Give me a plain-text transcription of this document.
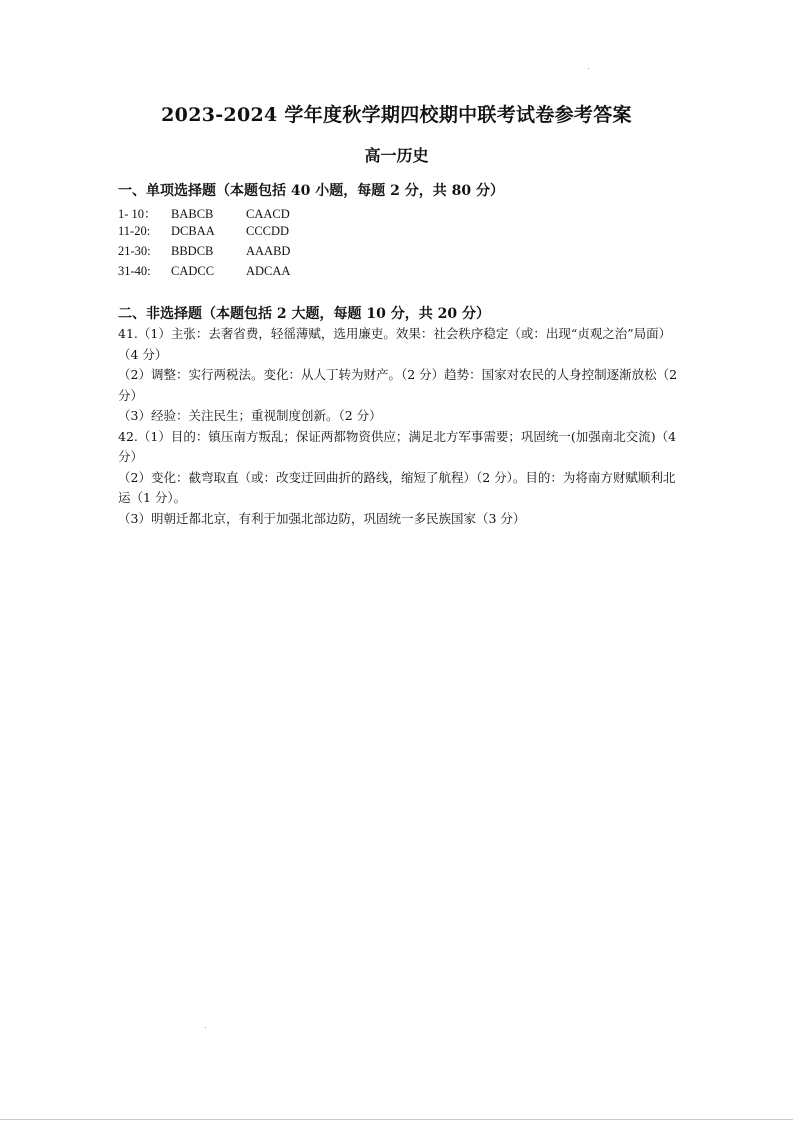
2023-2024 学年度秋学期四校期中联考试卷参考答案
高一历史
一、单项选择题（本题包括 40 小题，每题 2 分，共 80 分）
1- 10： BABCB	CAACD
11-20: DCBAA CCCDD
21-30: BBDCB	AAABD
31-40: CADCC	ADCAA
二、非选择题（本题包括 2 大题，每题 10 分，共 20 分）

41.（1）主张：去奢省费，轻徭薄赋，选用廉吏。效果：社会秩序稳定（或：出现“贞观之治”局面）（4 分）

（2）调整：实行两税法。变化：从人丁转为财产。（2 分）趋势：国家对农民的人身控制逐渐放松（2 分）

（3）经验：关注民生；重视制度创新。（2 分）

42.（1）目的：镇压南方叛乱；保证两都物资供应；满足北方军事需要；巩固统一(加强南北交流)（4 分）

（2）变化：截弯取直（或：改变迂回曲折的路线，缩短了航程）（2 分）。目的：为将南方财赋顺利北运（1 分）。

（3）明朝迁都北京，有利于加强北部边防，巩固统一多民族国家（3 分）
